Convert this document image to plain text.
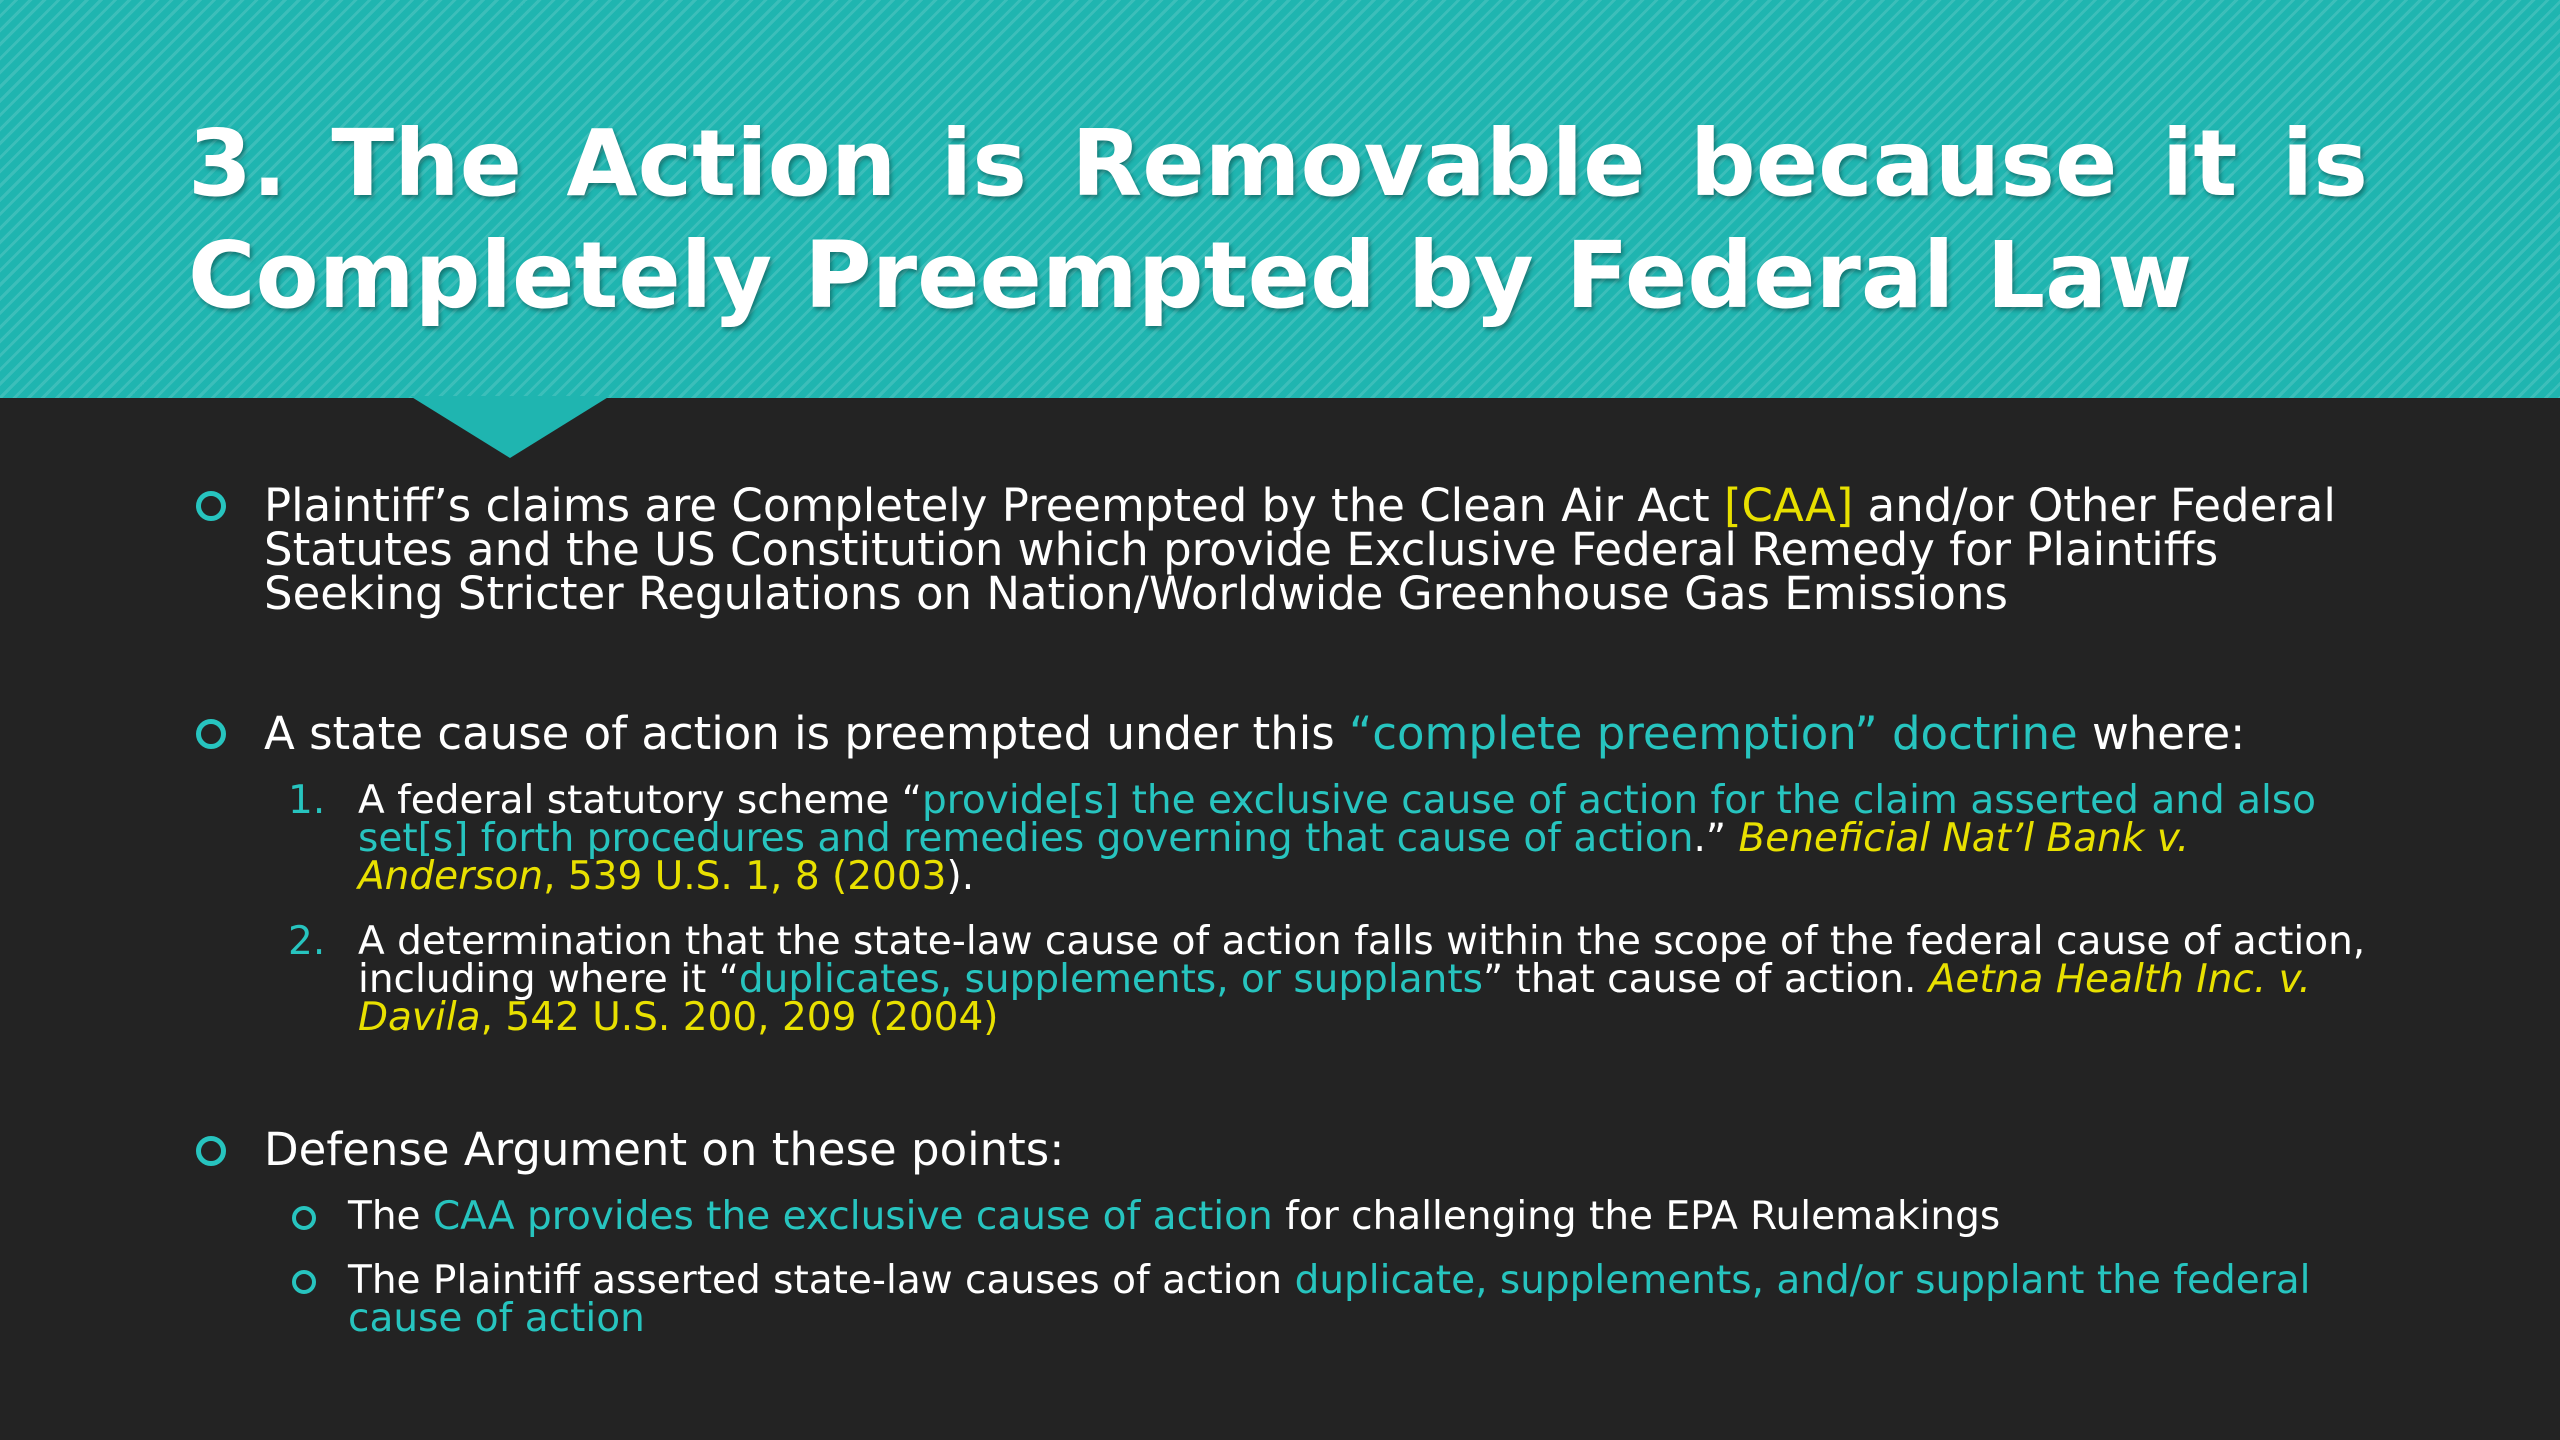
3. The Action is Removable because it is Completely Preempted by Federal Law
Plaintiff’s claims are Completely Preempted by the Clean Air Act [CAA] and/or Other Federal Statutes and the US Constitution which provide Exclusive Federal Remedy for Plaintiffs Seeking Stricter Regulations on Nation/Worldwide Greenhouse Gas Emissions
A state cause of action is preempted under this “complete preemption” doctrine where:
1. A federal statutory scheme “provide[s] the exclusive cause of action for the claim asserted and also set[s] forth procedures and remedies governing that cause of action.” Beneficial Nat’l Bank v. Anderson, 539 U.S. 1, 8 (2003).
2. A determination that the state-law cause of action falls within the scope of the federal cause of action, including where it “duplicates, supplements, or supplants” that cause of action. Aetna Health Inc. v. Davila, 542 U.S. 200, 209 (2004)
Defense Argument on these points:
The CAA provides the exclusive cause of action for challenging the EPA Rulemakings
The Plaintiff asserted state-law causes of action duplicate, supplements, and/or supplant the federal cause of action
